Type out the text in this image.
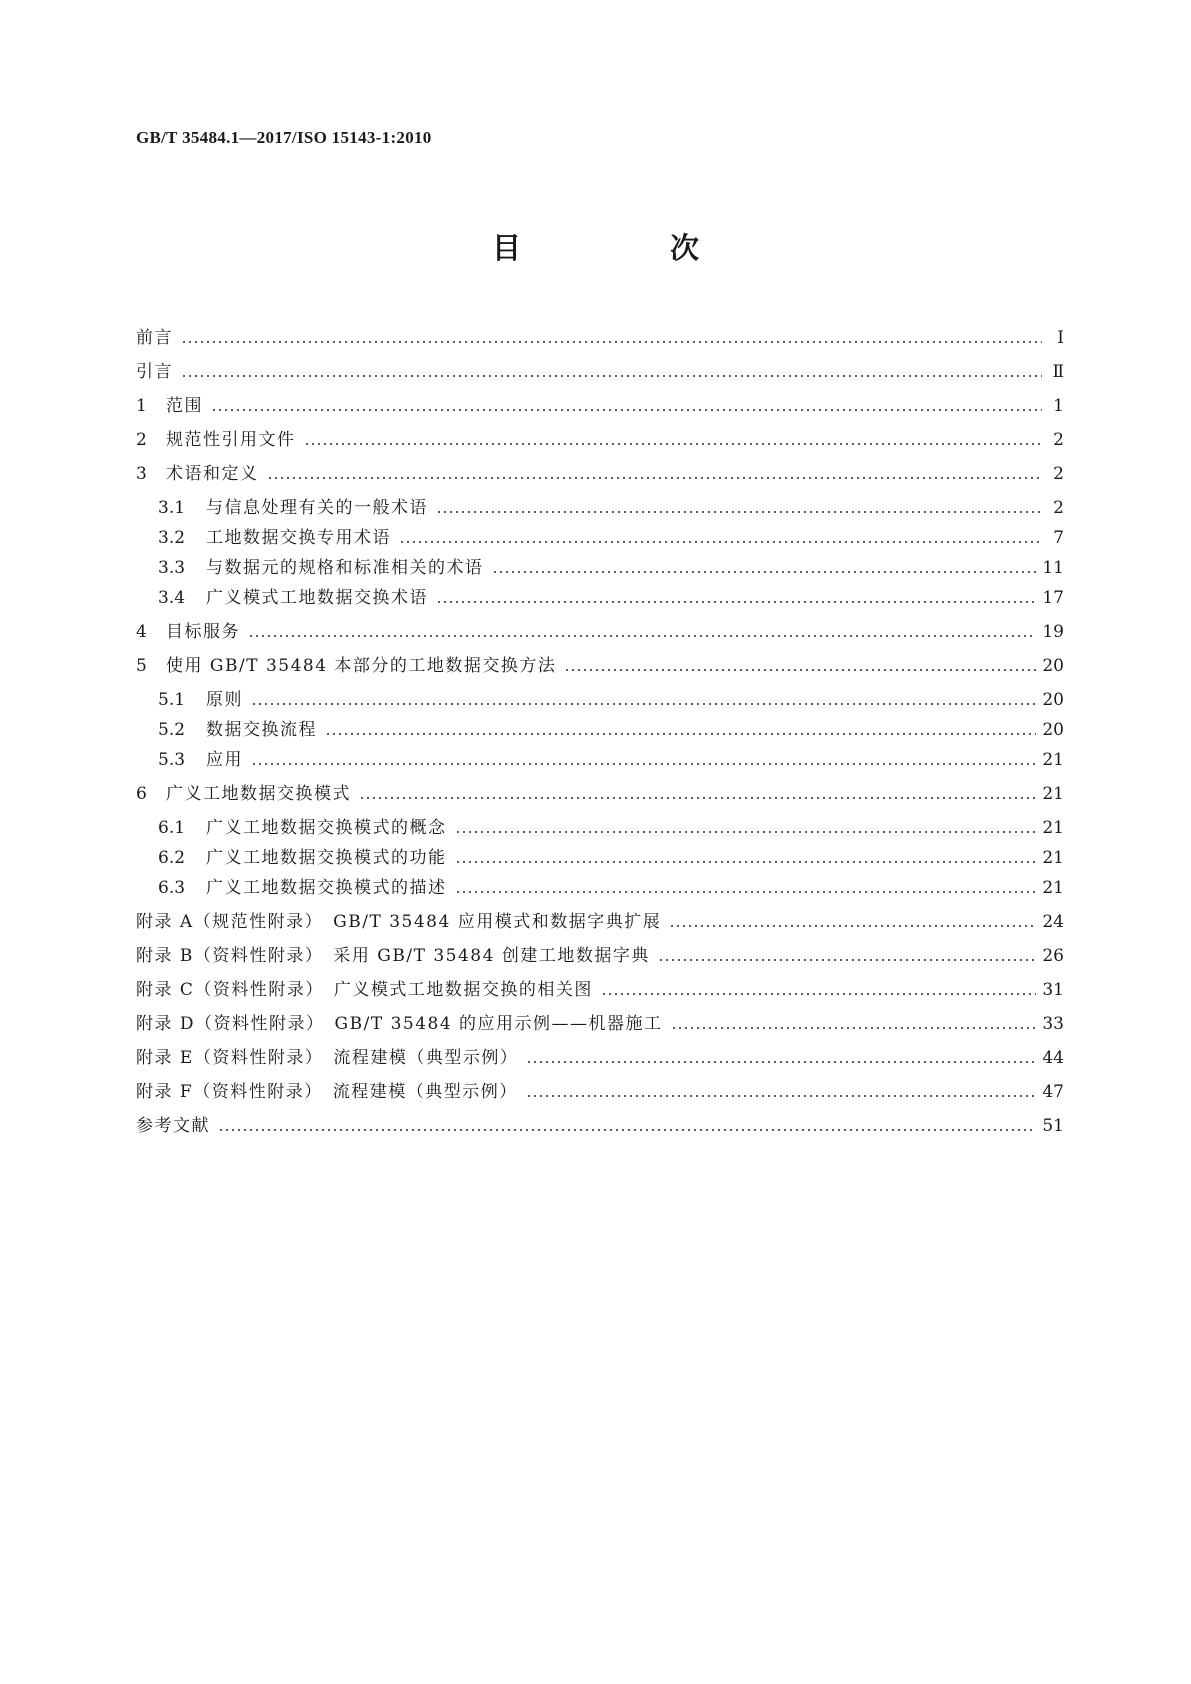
GB/T 35484.1—2017/ISO 15143-1:2010
目　次
前言	Ⅰ
引言	Ⅱ
1	范围	1
2	规范性引用文件	2
3	术语和定义	2
3.1	与信息处理有关的一般术语	2
3.2	工地数据交换专用术语	7
3.3	与数据元的规格和标准相关的术语	11
3.4	广义模式工地数据交换术语	17
4	目标服务	19
5	使用 GB/T 35484 本部分的工地数据交换方法	20
5.1	原则	20
5.2	数据交换流程	20
5.3	应用	21
6	广义工地数据交换模式	21
6.1	广义工地数据交换模式的概念	21
6.2	广义工地数据交换模式的功能	21
6.3	广义工地数据交换模式的描述	21
附录 A（规范性附录）　GB/T 35484 应用模式和数据字典扩展	24
附录 B（资料性附录）　采用 GB/T 35484 创建工地数据字典	26
附录 C（资料性附录）　广义模式工地数据交换的相关图	31
附录 D（资料性附录）　GB/T 35484 的应用示例——机器施工	33
附录 E（资料性附录）　流程建模（典型示例）	44
附录 F（资料性附录）　流程建模（典型示例）	47
参考文献	51
